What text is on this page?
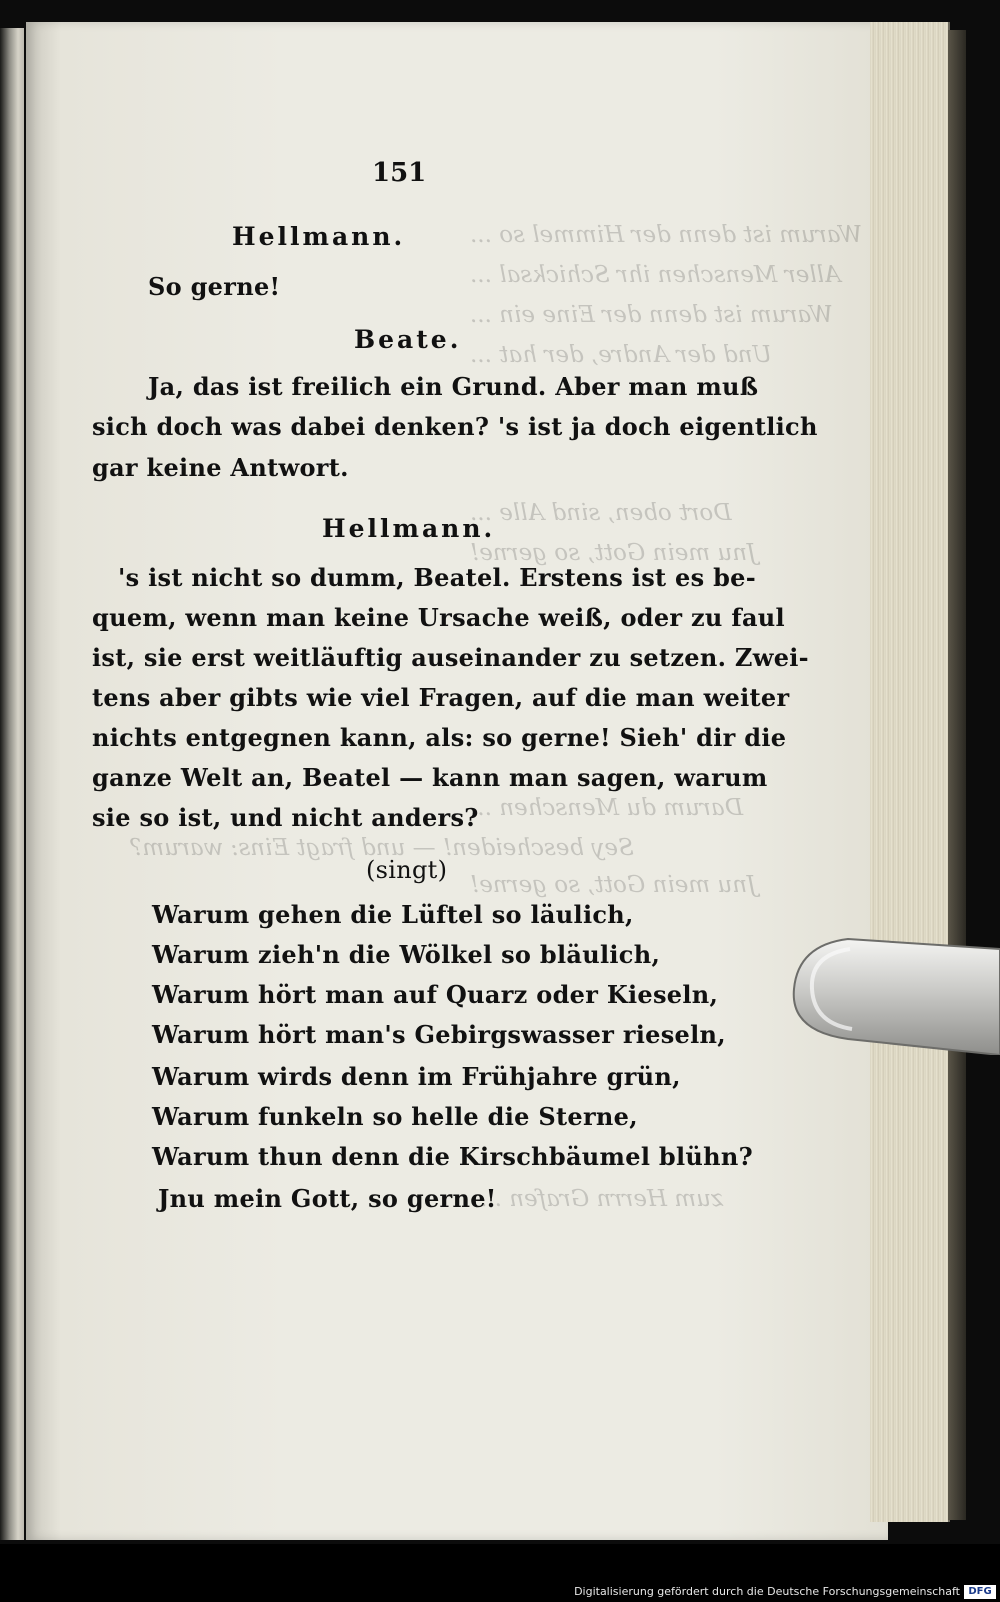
Warum ist denn der Himmel so ...
Aller Menschen ihr Schicksal ...
Warum ist denn der Eine ein ...
Und der Andre, der hat ...
Dort oben, sind Alle ...
Jnu mein Gott, so gerne!
Darum du Menschen ...
Sey bescheiden! — und fragt Eins: warum?
Jnu mein Gott, so gerne!
zum Herrn Grafen ...
151
Hellmann.
So gerne!
Beate.
Ja, das ist freilich ein Grund. Aber man muß
sich doch was dabei denken? 's ist ja doch eigentlich
gar keine Antwort.
Hellmann.
's ist nicht so dumm, Beatel. Erstens ist es be-
quem, wenn man keine Ursache weiß, oder zu faul
ist, sie erst weitläuftig auseinander zu setzen. Zwei-
tens aber gibts wie viel Fragen, auf die man weiter
nichts entgegnen kann, als: so gerne! Sieh' dir die
ganze Welt an, Beatel — kann man sagen, warum
sie so ist, und nicht anders?
(singt)
Warum gehen die Lüftel so läulich,
Warum zieh'n die Wölkel so bläulich,
Warum hört man auf Quarz oder Kieseln,
Warum hört man's Gebirgswasser rieseln,
Warum wirds denn im Frühjahre grün,
Warum funkeln so helle die Sterne,
Warum thun denn die Kirschbäumel blühn?
Jnu mein Gott, so gerne!
Digitalisierung gefördert durch die Deutsche Forschungsgemeinschaft DFG
